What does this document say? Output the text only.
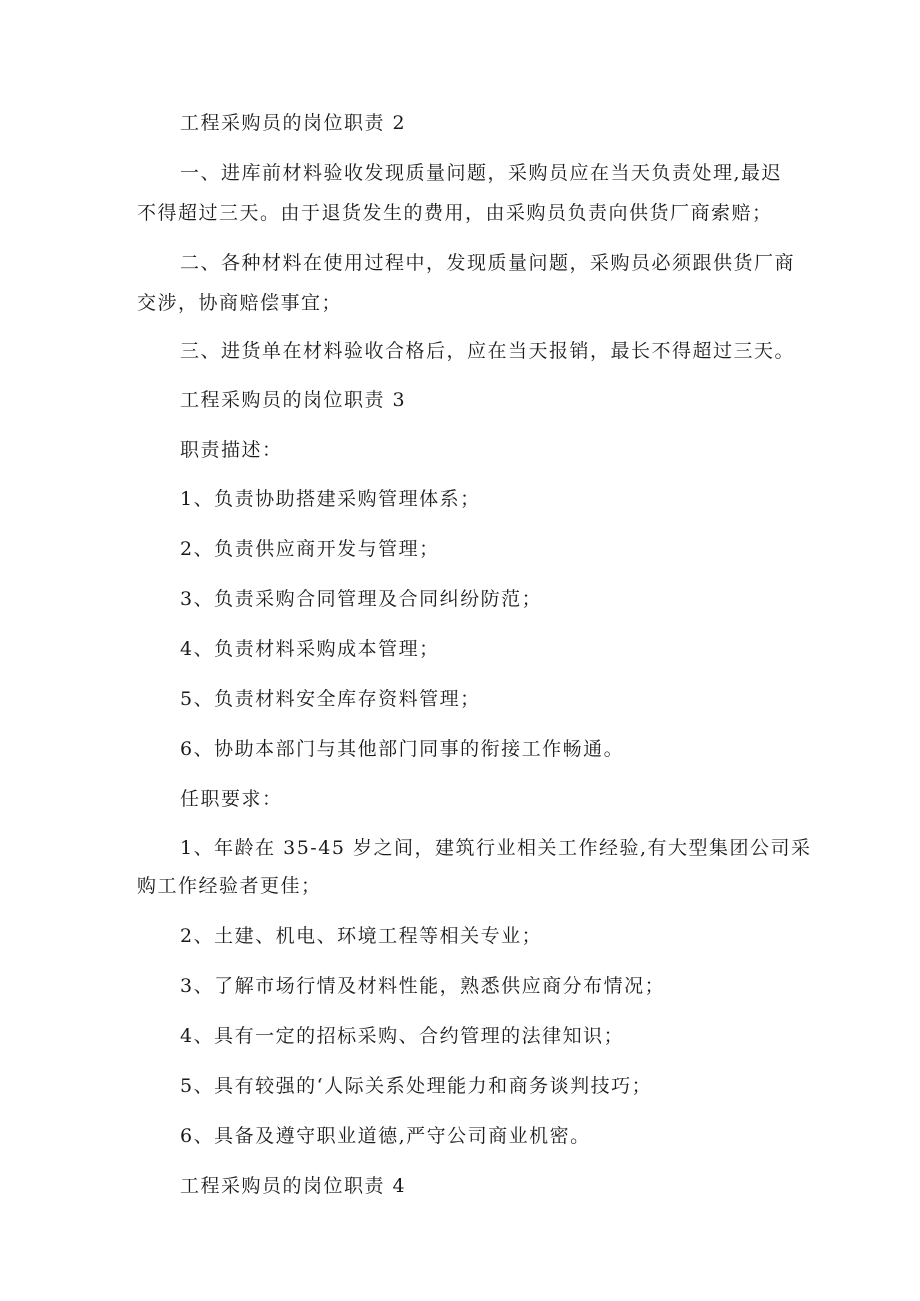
工程采购员的岗位职责 2
一、进库前材料验收发现质量问题，采购员应在当天负责处理,最迟
不得超过三天。由于退货发生的费用，由采购员负责向供货厂商索赔；
二、各种材料在使用过程中，发现质量问题，采购员必须跟供货厂商
交涉，协商赔偿事宜；
三、进货单在材料验收合格后，应在当天报销，最长不得超过三天。
工程采购员的岗位职责 3
职责描述：
1、负责协助搭建采购管理体系；
2、负责供应商开发与管理；
3、负责采购合同管理及合同纠纷防范；
4、负责材料采购成本管理；
5、负责材料安全库存资料管理；
6、协助本部门与其他部门同事的衔接工作畅通。
任职要求：
1、年龄在 35-45 岁之间，建筑行业相关工作经验,有大型集团公司采
购工作经验者更佳；
2、土建、机电、环境工程等相关专业；
3、了解市场行情及材料性能，熟悉供应商分布情况；
4、具有一定的招标采购、合约管理的法律知识；
5、具有较强的‘人际关系处理能力和商务谈判技巧；
6、具备及遵守职业道德,严守公司商业机密。
工程采购员的岗位职责 4
